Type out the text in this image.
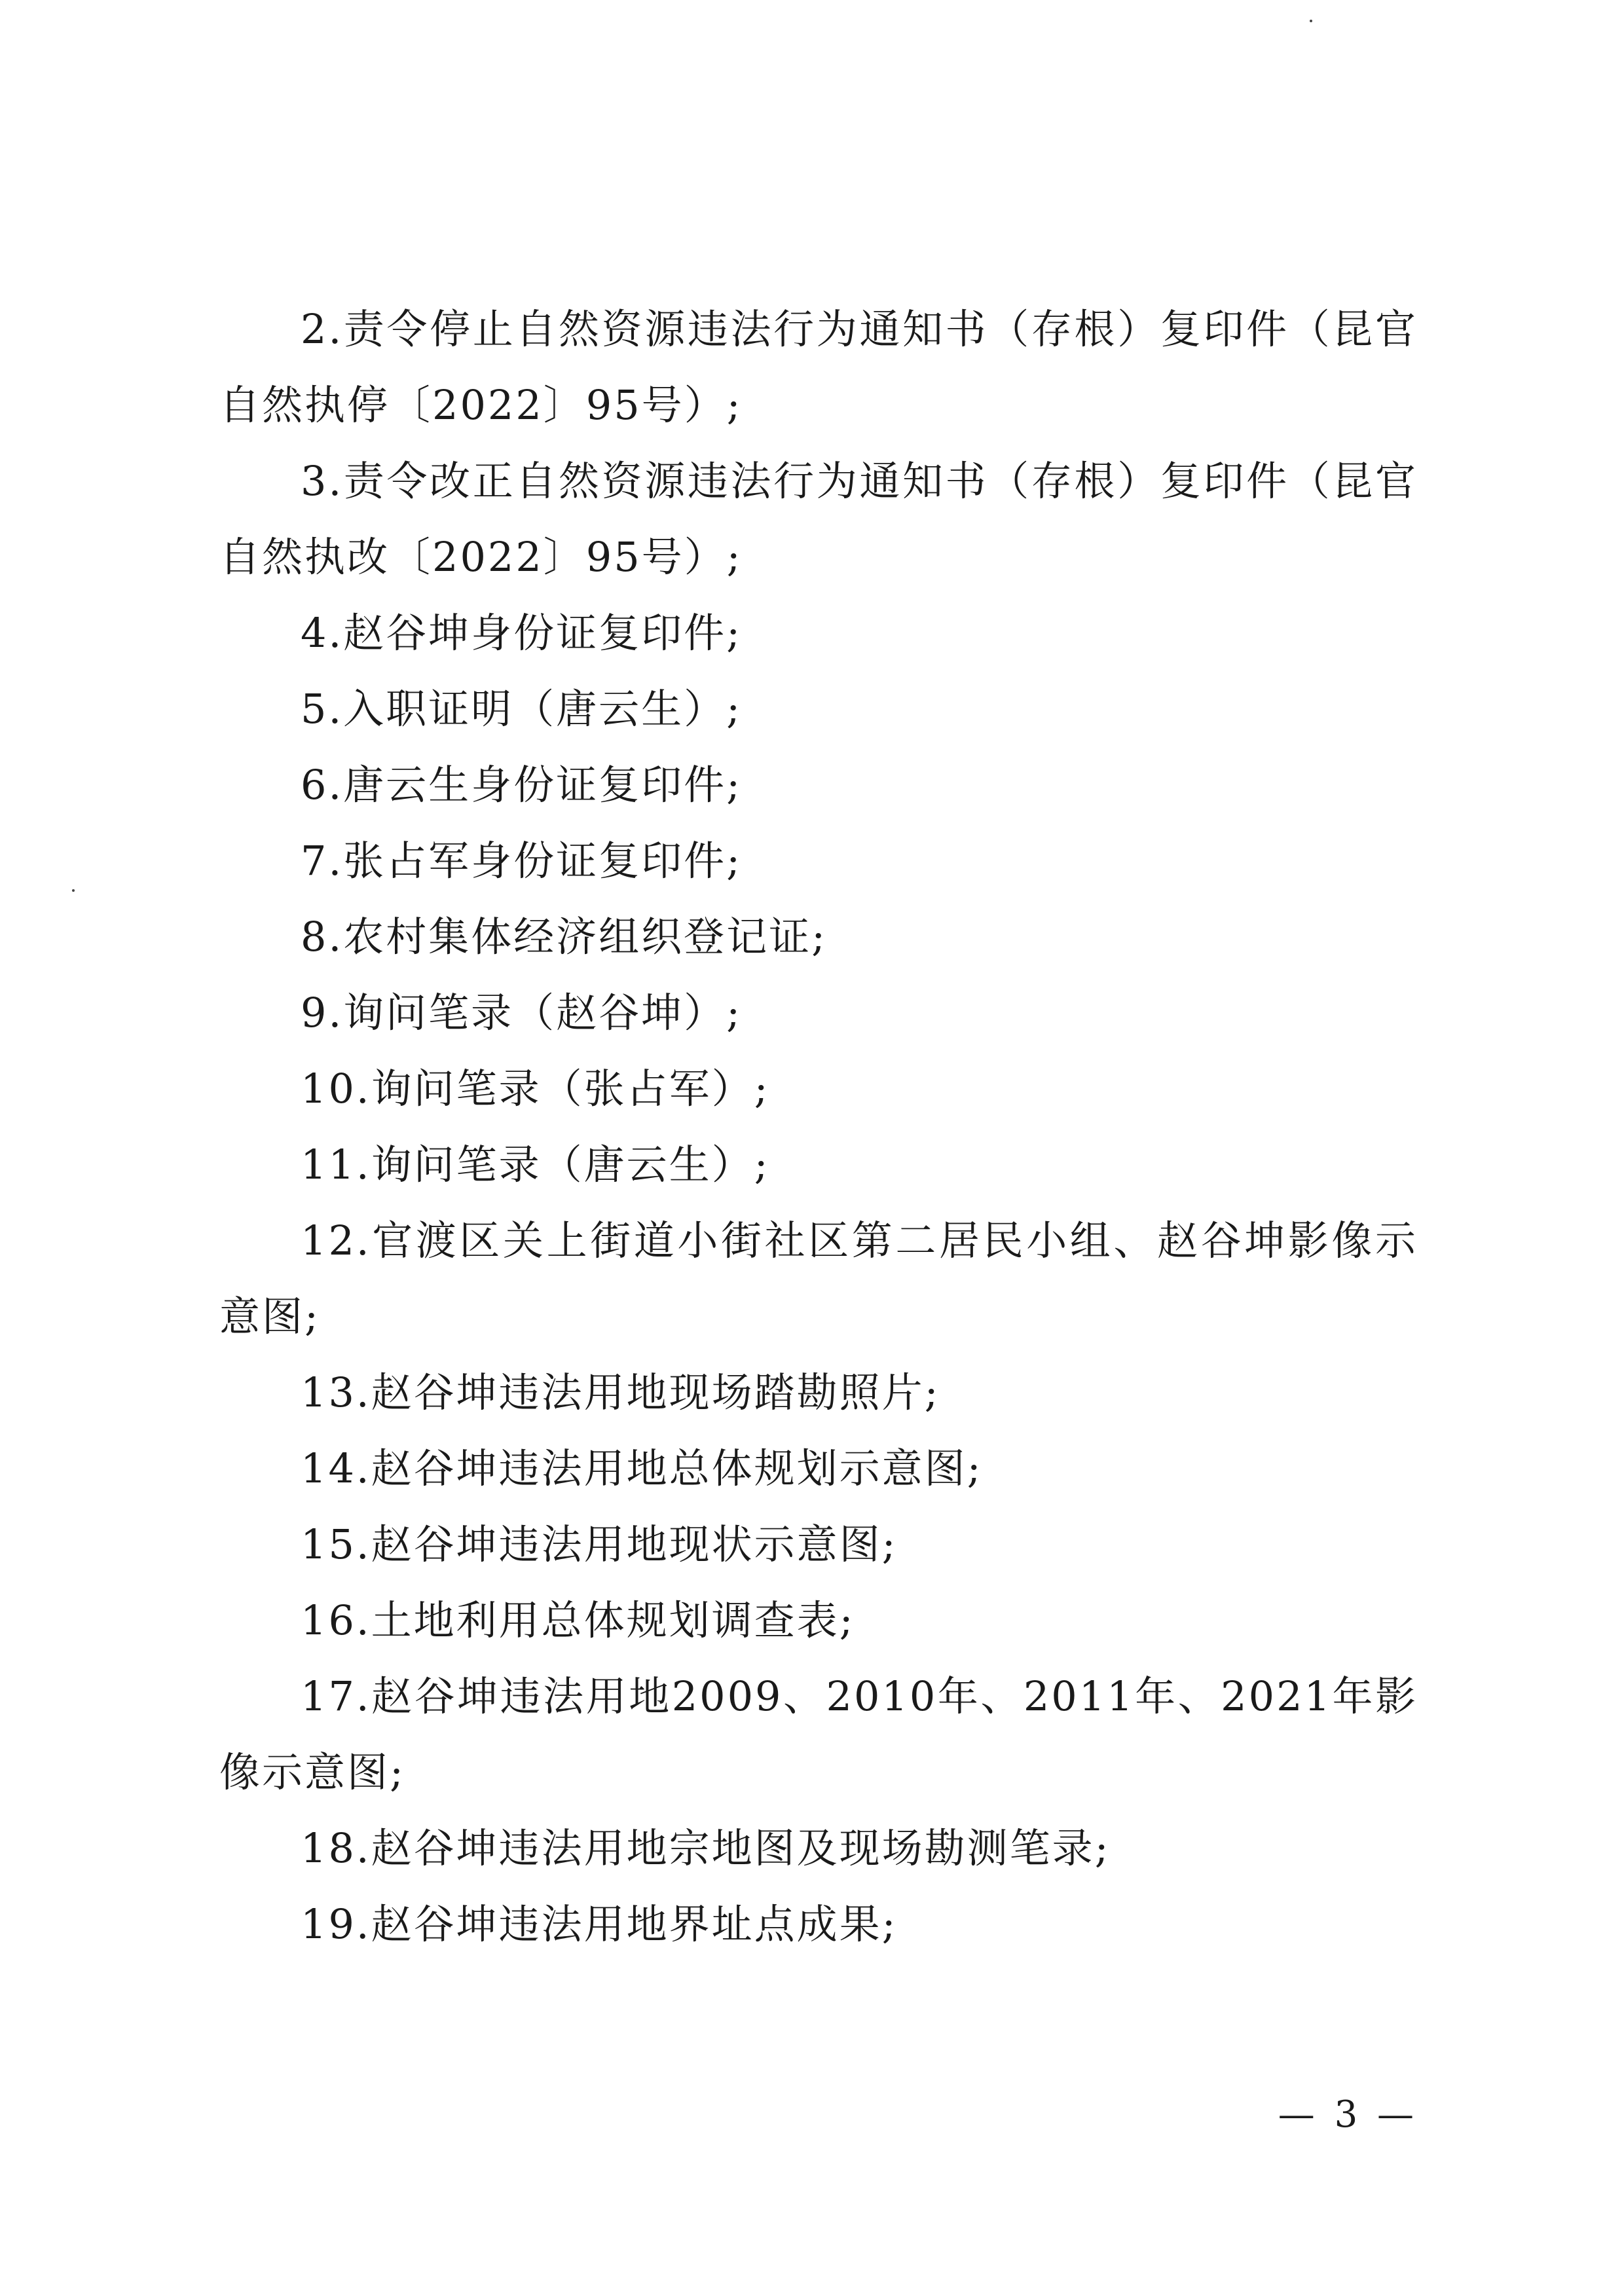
2.责令停止自然资源违法行为通知书（存根）复印件（昆官自然执停〔2022〕95号）;

3.责令改正自然资源违法行为通知书（存根）复印件（昆官自然执改〔2022〕95号）;

4.赵谷坤身份证复印件;

5.入职证明（唐云生）;

6.唐云生身份证复印件;

7.张占军身份证复印件;

8.农村集体经济组织登记证;

9.询问笔录（赵谷坤）;

10.询问笔录（张占军）;

11.询问笔录（唐云生）;

12.官渡区关上街道小街社区第二居民小组、赵谷坤影像示意图;

13.赵谷坤违法用地现场踏勘照片;

14.赵谷坤违法用地总体规划示意图;

15.赵谷坤违法用地现状示意图;

16.土地利用总体规划调查表;

17.赵谷坤违法用地2009、2010年、2011年、2021年影像示意图;

18.赵谷坤违法用地宗地图及现场勘测笔录;

19.赵谷坤违法用地界址点成果;

— 3 —
